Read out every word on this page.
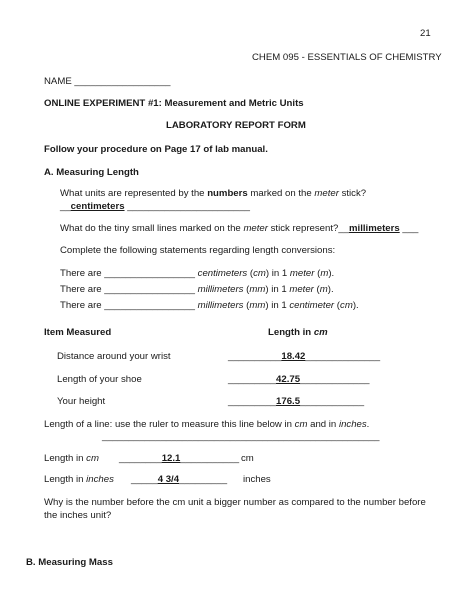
21
CHEM 095 - ESSENTIALS OF CHEMISTRY
NAME __________________
ONLINE EXPERIMENT #1: Measurement and Metric Units
LABORATORY REPORT FORM
Follow your procedure on Page 17 of lab manual.
A. Measuring Length
What units are represented by the numbers marked on the meter stick?
__centimeters _______________________
What do the tiny small lines marked on the meter stick represent?__millimeters ___
Complete the following statements regarding length conversions:
There are _________________ centimeters (cm) in 1 meter (m).
There are _________________ millimeters (mm) in 1 meter (m).
There are _________________ millimeters (mm) in 1 centimeter (cm).
Item Measured	Length in cm
Distance around your wrist	__________18.42______________
Length of your shoe	_________42.75_____________
Your height	_________176.5____________
Length of a line: use the ruler to measure this line below in cm and in inches.
____________________________________________________
Length in cm ________12.1___________ cm
Length in inches _____4 3/4_________ inches
Why is the number before the cm unit a bigger number as compared to the number before
the inches unit?
B. Measuring Mass
